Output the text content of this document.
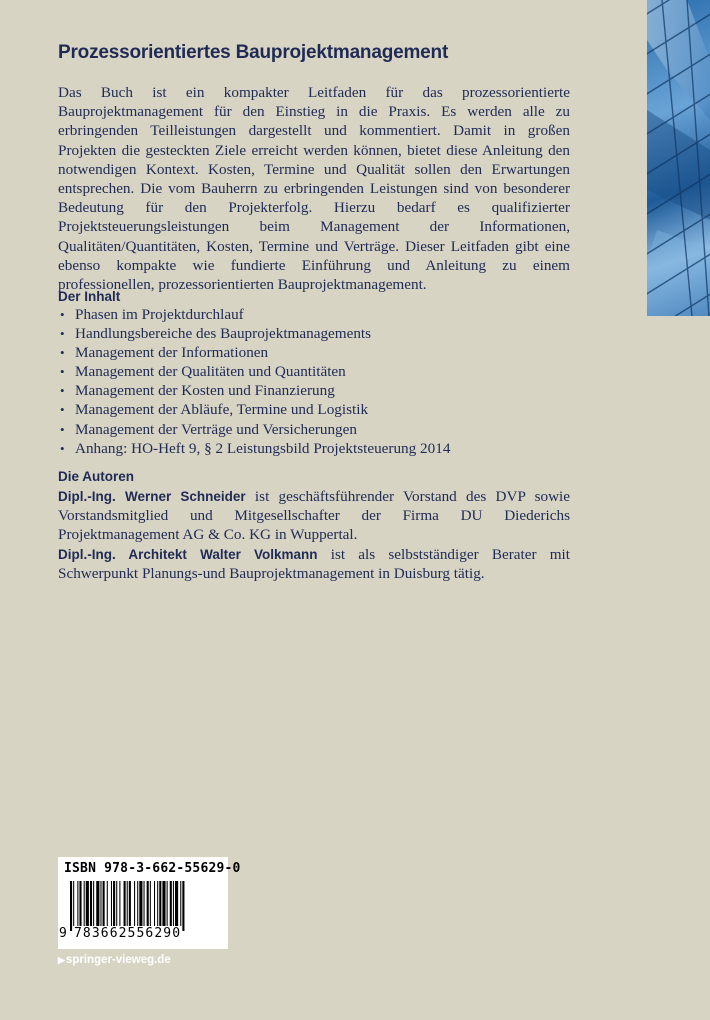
Prozessorientiertes Bauprojektmanagement

Das Buch ist ein kompakter Leitfaden für das prozessorientierte Bauprojektmanagement für den Einstieg in die Praxis. Es werden alle zu erbringenden Teilleistungen dargestellt und kommentiert. Damit in großen Projekten die gesteckten Ziele erreicht werden können, bietet diese Anleitung den notwendigen Kontext. Kosten, Termine und Qualität sollen den Erwartungen entsprechen. Die vom Bauherrn zu erbringenden Leistungen sind von besonderer Bedeutung für den Projekterfolg. Hierzu bedarf es qualifizierter Projektsteuerungsleistungen beim Management der Informationen, Qualitäten/Quantitäten, Kosten, Termine und Verträge. Dieser Leitfaden gibt eine ebenso kompakte wie fundierte Einführung und Anleitung zu einem professionellen, prozessorientierten Bauprojektmanagement.

Der Inhalt
• Phasen im Projektdurchlauf
• Handlungsbereiche des Bauprojektmanagements
• Management der Informationen
• Management der Qualitäten und Quantitäten
• Management der Kosten und Finanzierung
• Management der Abläufe, Termine und Logistik
• Management der Verträge und Versicherungen
• Anhang: HO-Heft 9, § 2 Leistungsbild Projektsteuerung 2014
Die Autoren

Dipl.-Ing. Werner Schneider ist geschäftsführender Vorstand des DVP sowie Vorstandsmitglied und Mitgesellschafter der Firma DU Diederichs Projektmanagement AG & Co. KG in Wuppertal.

Dipl.-Ing. Architekt Walter Volkmann ist als selbstständiger Berater mit Schwerpunkt Planungs-und Bauprojektmanagement in Duisburg tätig.

ISBN 978-3-662-55629-0
9 783662556290
▶springer-vieweg.de
